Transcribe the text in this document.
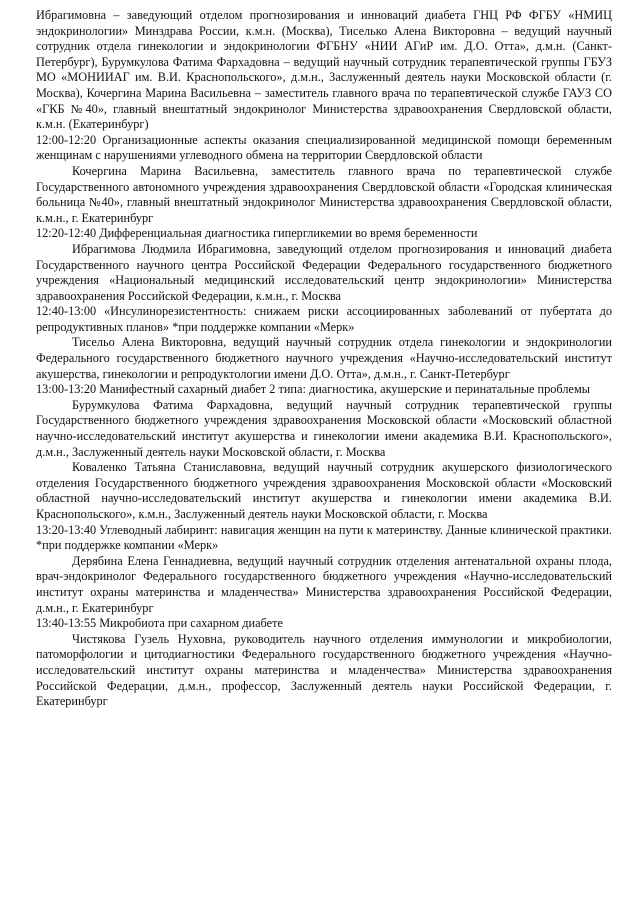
Ибрагимовна – заведующий отделом прогнозирования и инноваций диабета ГНЦ РФ ФГБУ «НМИЦ эндокринологии» Минздрава России, к.м.н. (Москва), Тиселько Алена Викторовна – ведущий научный сотрудник отдела гинекологии и эндокринологии ФГБНУ «НИИ АГиР им. Д.О. Отта», д.м.н. (Санкт-Петербург), Бурумкулова Фатима Фархадовна – ведущий научный сотрудник терапевтической группы ГБУЗ МО «МОНИИАГ им. В.И. Краснопольского», д.м.н., Заслуженный деятель науки Московской области (г. Москва), Кочергина Марина Васильевна – заместитель главного врача по терапевтической службе ГАУЗ СО «ГКБ №40», главный внештатный эндокринолог Министерства здравоохранения Свердловской области, к.м.н. (Екатеринбург)

12:00-12:20 Организационные аспекты оказания специализированной медицинской помощи беременным женщинам с нарушениями углеводного обмена на территории Свердловской области

Кочергина Марина Васильевна, заместитель главного врача по терапевтической службе Государственного автономного учреждения здравоохранения Свердловской области «Городская клиническая больница №40», главный внештатный эндокринолог Министерства здравоохранения Свердловской области, к.м.н., г. Екатеринбург

12:20-12:40 Дифференциальная диагностика гипергликемии во время беременности

Ибрагимова Людмила Ибрагимовна, заведующий отделом прогнозирования и инноваций диабета Государственного научного центра Российской Федерации Федерального государственного бюджетного учреждения «Национальный медицинский исследовательский центр эндокринологии» Министерства здравоохранения Российской Федерации, к.м.н., г. Москва

12:40-13:00 «Инсулинорезистентность: снижаем риски ассоциированных заболеваний от пубертата до репродуктивных планов» *при поддержке компании «Мерк»

Тисельо Алена Викторовна, ведущий научный сотрудник отдела гинекологии и эндокринологии Федерального государственного бюджетного научного учреждения «Научно-исследовательский институт акушерства, гинекологии и репродуктологии имени Д.О. Отта», д.м.н., г. Санкт-Петербург

13:00-13:20 Манифестный сахарный диабет 2 типа: диагностика, акушерские и перинатальные проблемы

Бурумкулова Фатима Фархадовна, ведущий научный сотрудник терапевтической группы Государственного бюджетного учреждения здравоохранения Московской области «Московский областной научно-исследовательский институт акушерства и гинекологии имени академика В.И. Краснопольского», д.м.н., Заслуженный деятель науки Московской области, г. Москва

Коваленко Татьяна Станиславовна, ведущий научный сотрудник акушерского физиологического отделения Государственного бюджетного учреждения здравоохранения Московской области «Московский областной научно-исследовательский институт акушерства и гинекологии имени академика В.И. Краснопольского», к.м.н., Заслуженный деятель науки Московской области, г. Москва

13:20-13:40 Углеводный лабиринт: навигация женщин на пути к материнству. Данные клинической практики. *при поддержке компании «Мерк»

Дерябина Елена Геннадиевна, ведущий научный сотрудник отделения антенатальной охраны плода, врач-эндокринолог Федерального государственного бюджетного учреждения «Научно-исследовательский институт охраны материнства и младенчества» Министерства здравоохранения Российской Федерации, д.м.н., г. Екатеринбург

13:40-13:55 Микробиота при сахарном диабете

Чистякова Гузель Нуховна, руководитель научного отделения иммунологии и микробиологии, патоморфологии и цитодиагностики Федерального государственного бюджетного учреждения «Научно-исследовательский институт охраны материнства и младенчества» Министерства здравоохранения Российской Федерации, д.м.н., профессор, Заслуженный деятель науки Российской Федерации, г. Екатеринбург
